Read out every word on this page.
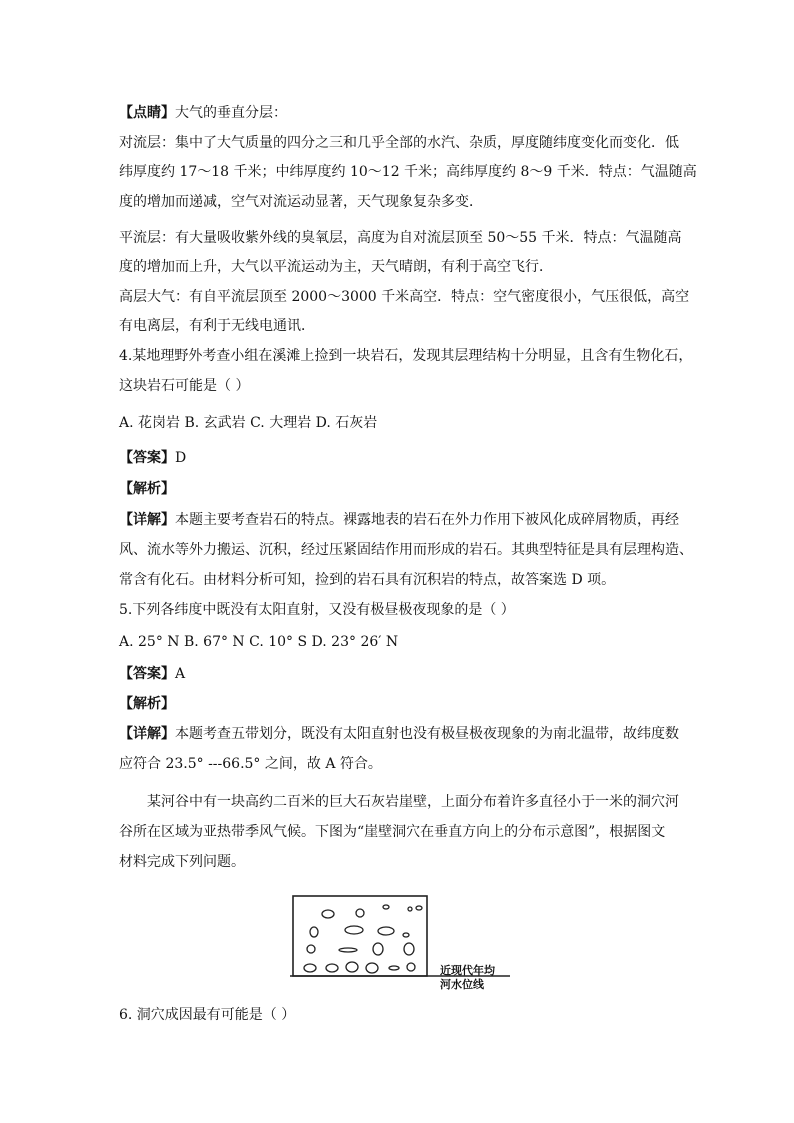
【点睛】大气的垂直分层：
对流层：集中了大气质量的四分之三和几乎全部的水汽、杂质，厚度随纬度变化而变化．低
纬厚度约 17～18 千米；中纬厚度约 10～12 千米；高纬厚度约 8～9 千米．特点：气温随高
度的增加而递减，空气对流运动显著，天气现象复杂多变．
平流层：有大量吸收紫外线的臭氧层，高度为自对流层顶至 50～55 千米．特点：气温随高
度的增加而上升，大气以平流运动为主，天气晴朗，有利于高空飞行．
高层大气：有自平流层顶至 2000～3000 千米高空．特点：空气密度很小，气压很低，高空
有电离层，有利于无线电通讯．
4.某地理野外考查小组在溪滩上捡到一块岩石，发现其层理结构十分明显，且含有生物化石，
这块岩石可能是（ ）
A. 花岗岩 B. 玄武岩 C. 大理岩 D. 石灰岩
【答案】D
【解析】
【详解】本题主要考查岩石的特点。裸露地表的岩石在外力作用下被风化成碎屑物质，再经
风、流水等外力搬运、沉积，经过压紧固结作用而形成的岩石。其典型特征是具有层理构造、
常含有化石。由材料分析可知，捡到的岩石具有沉积岩的特点，故答案选 D 项。
5.下列各纬度中既没有太阳直射，又没有极昼极夜现象的是（ ）
A. 25° N B. 67° N C. 10° S D. 23° 26′ N
【答案】A
【解析】
【详解】本题考查五带划分，既没有太阳直射也没有极昼极夜现象的为南北温带，故纬度数
应符合 23.5° ---66.5° 之间，故 A 符合。
某河谷中有一块高约二百米的巨大石灰岩崖壁，上面分布着许多直径小于一米的洞穴河
谷所在区域为亚热带季风气候。下图为“崖壁洞穴在垂直方向上的分布示意图”，根据图文
材料完成下列问题。
6. 洞穴成因最有可能是（ ）
近现代年均
河水位线
